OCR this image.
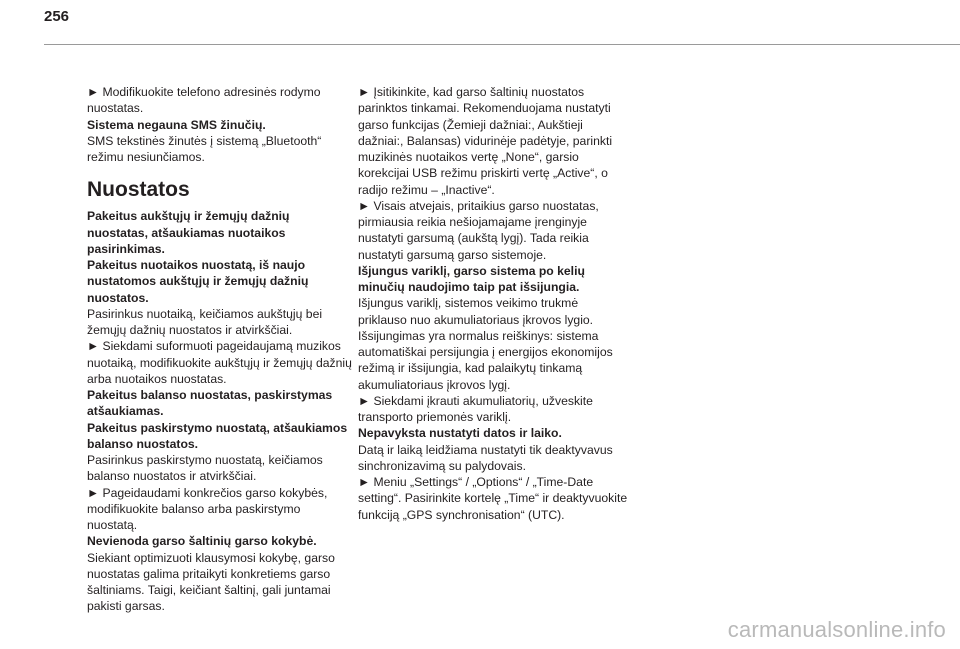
256

► Modifikuokite telefono adresinės rodymo nuostatas.

Sistema negauna SMS žinučių.

SMS tekstinės žinutės į sistemą „Bluetooth“ režimu nesiunčiamos.

Nuostatos

Pakeitus aukštųjų ir žemųjų dažnių nuostatas, atšaukiamas nuotaikos pasirinkimas.

Pakeitus nuotaikos nuostatą, iš naujo nustatomos aukštųjų ir žemųjų dažnių nuostatos.

Pasirinkus nuotaiką, keičiamos aukštųjų bei žemųjų dažnių nuostatos ir atvirkščiai.

► Siekdami suformuoti pageidaujamą muzikos nuotaiką, modifikuokite aukštųjų ir žemųjų dažnių arba nuotaikos nuostatas.

Pakeitus balanso nuostatas, paskirstymas atšaukiamas.

Pakeitus paskirstymo nuostatą, atšaukiamos balanso nuostatos.

Pasirinkus paskirstymo nuostatą, keičiamos balanso nuostatos ir atvirkščiai.

► Pageidaudami konkrečios garso kokybės, modifikuokite balanso arba paskirstymo nuostatą.

Nevienoda garso šaltinių garso kokybė.

Siekiant optimizuoti klausymosi kokybę, garso nuostatas galima pritaikyti konkretiems garso šaltiniams. Taigi, keičiant šaltinį, gali juntamai pakisti garsas.

► Įsitikinkite, kad garso šaltinių nuostatos parinktos tinkamai. Rekomenduojama nustatyti garso funkcijas (Žemieji dažniai:, Aukštieji dažniai:, Balansas) vidurinėje padėtyje, parinkti muzikinės nuotaikos vertę „None“, garsio korekcijai USB režimu priskirti vertę „Active“, o radijo režimu – „Inactive“.

► Visais atvejais, pritaikius garso nuostatas, pirmiausia reikia nešiojamajame įrenginyje nustatyti garsumą (aukštą lygį). Tada reikia nustatyti garsumą garso sistemoje.

Išjungus variklį, garso sistema po kelių minučių naudojimo taip pat išsijungia.

Išjungus variklį, sistemos veikimo trukmė priklauso nuo akumuliatoriaus įkrovos lygio.

Išsijungimas yra normalus reiškinys: sistema automatiškai persijungia į energijos ekonomijos režimą ir išsijungia, kad palaikytų tinkamą akumuliatoriaus įkrovos lygį.

► Siekdami įkrauti akumuliatorių, užveskite transporto priemonės variklį.

Nepavyksta nustatyti datos ir laiko.

Datą ir laiką leidžiama nustatyti tik deaktyvavus sinchronizavimą su palydovais.

► Meniu „Settings“ / „Options“ / „Time-Date setting“. Pasirinkite kortelę „Time“ ir deaktyvuokite funkciją „GPS synchronisation“ (UTC).

carmanualsonline.info
